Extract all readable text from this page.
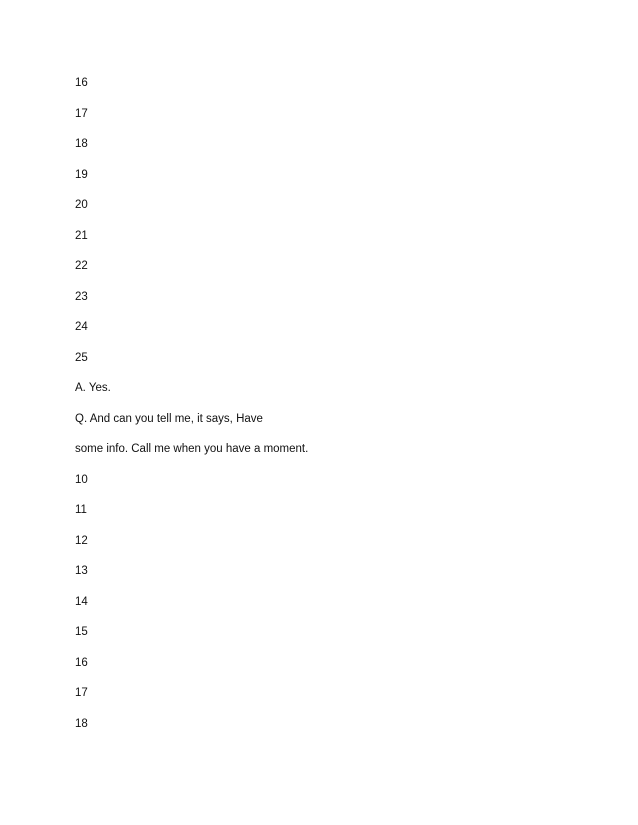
16
17
18
19
20
21
22
23
24
25
A. Yes.
Q. And can you tell me, it says, Have
some info. Call me when you have a moment.
10
11
12
13
14
15
16
17
18
